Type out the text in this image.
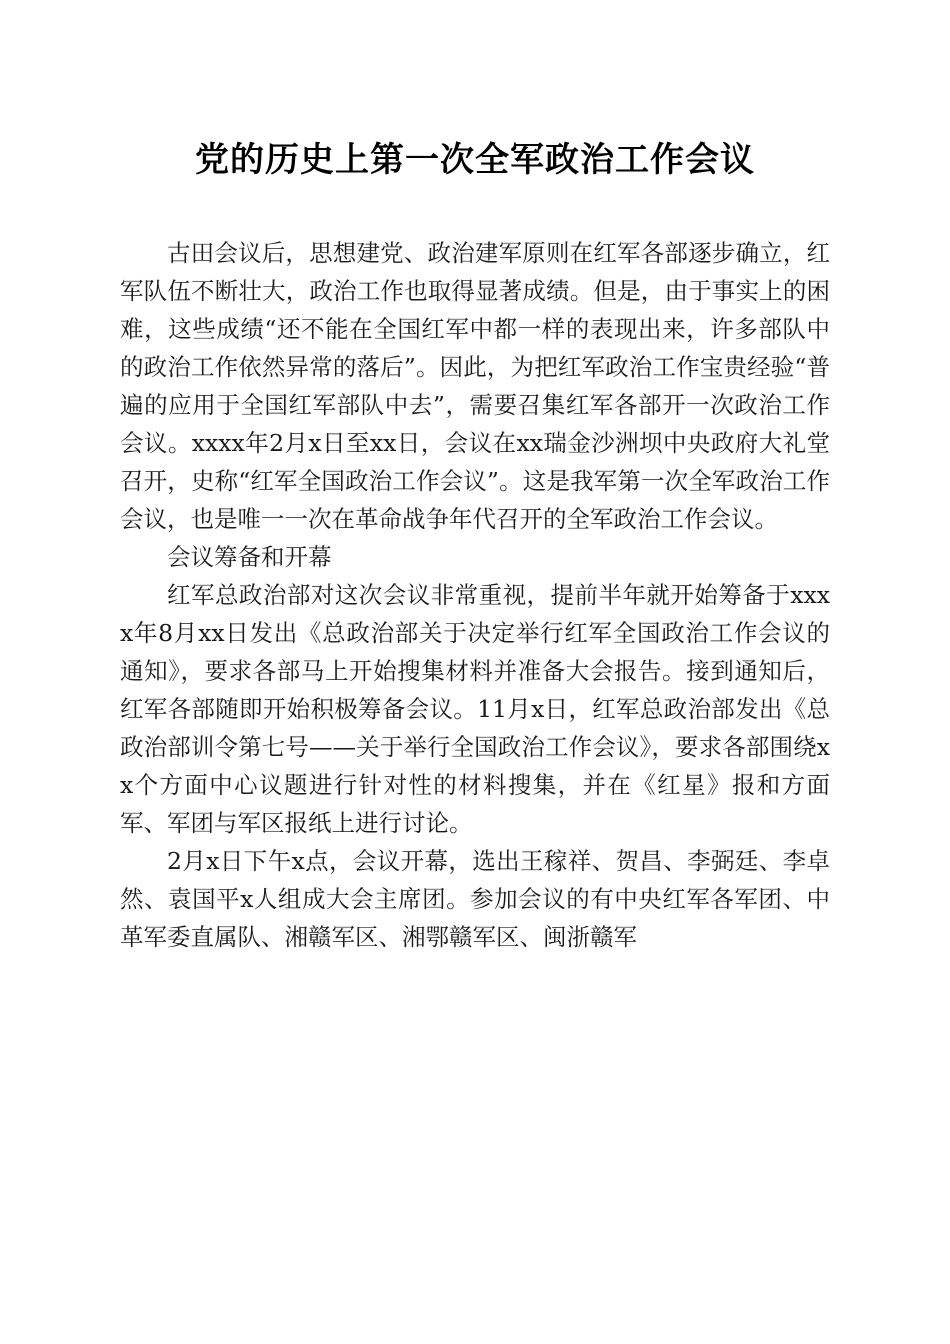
党的历史上第一次全军政治工作会议

古田会议后，思想建党、政治建军原则在红军各部逐步确立，红军队伍不断壮大，政治工作也取得显著成绩。但是，由于事实上的困难，这些成绩“还不能在全国红军中都一样的表现出来，许多部队中的政治工作依然异常的落后”。因此，为把红军政治工作宝贵经验“普遍的应用于全国红军部队中去”，需要召集红军各部开一次政治工作会议。xxxx年2月x日至xx日，会议在xx瑞金沙洲坝中央政府大礼堂召开，史称“红军全国政治工作会议”。这是我军第一次全军政治工作会议，也是唯一一次在革命战争年代召开的全军政治工作会议。

会议筹备和开幕

红军总政治部对这次会议非常重视，提前半年就开始筹备于xxxx年8月xx日发出《总政治部关于决定举行红军全国政治工作会议的通知》，要求各部马上开始搜集材料并准备大会报告。接到通知后，红军各部随即开始积极筹备会议。11月x日，红军总政治部发出《总政治部训令第七号——关于举行全国政治工作会议》，要求各部围绕xx个方面中心议题进行针对性的材料搜集，并在《红星》报和方面军、军团与军区报纸上进行讨论。

2月x日下午x点，会议开幕，选出王稼祥、贺昌、李弼廷、李卓然、袁国平x人组成大会主席团。参加会议的有中央红军各军团、中革军委直属队、湘赣军区、湘鄂赣军区、闽浙赣军
